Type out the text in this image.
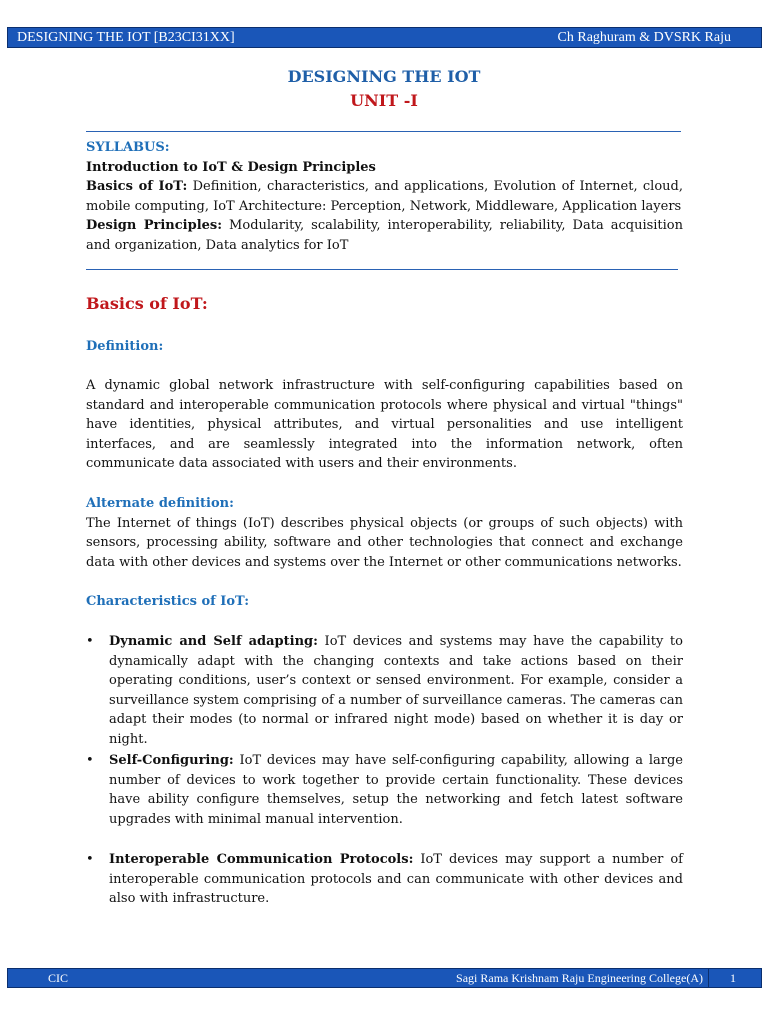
DESIGNING THE IOT [B23CI31XX]	Ch Raghuram & DVSRK Raju
DESIGNING THE IOT
UNIT -I

SYLLABUS:

Introduction to IoT & Design Principles

Basics of IoT: Definition, characteristics, and applications, Evolution of Internet, cloud, mobile computing, IoT Architecture: Perception, Network, Middleware, Application layers

Design Principles: Modularity, scalability, interoperability, reliability, Data acquisition and organization, Data analytics for IoT

Basics of IoT:

Definition:

A dynamic global network infrastructure with self-configuring capabilities based on standard and interoperable communication protocols where physical and virtual "things" have identities, physical attributes, and virtual personalities and use intelligent interfaces, and are seamlessly integrated into the information network, often communicate data associated with users and their environments.

Alternate definition:

The Internet of things (IoT) describes physical objects (or groups of such objects) with sensors, processing ability, software and other technologies that connect and exchange data with other devices and systems over the Internet or other communications networks.

Characteristics of IoT:

• Dynamic and Self adapting: IoT devices and systems may have the capability to dynamically adapt with the changing contexts and take actions based on their operating conditions, user’s context or sensed environment. For example, consider a surveillance system comprising of a number of surveillance cameras. The cameras can adapt their modes (to normal or infrared night mode) based on whether it is day or night.
• Self-Configuring: IoT devices may have self-configuring capability, allowing a large number of devices to work together to provide certain functionality. These devices have ability configure themselves, setup the networking and fetch latest software upgrades with minimal manual intervention.
• Interoperable Communication Protocols: IoT devices may support a number of interoperable communication protocols and can communicate with other devices and also with infrastructure.
CIC	Sagi Rama Krishnam Raju Engineering College(A) 1
